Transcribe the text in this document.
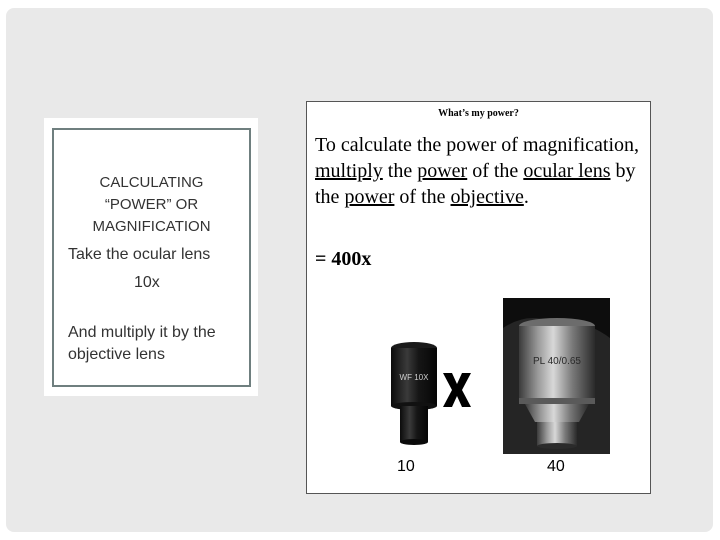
CALCULATING
“POWER” OR
MAGNIFICATION
Take the ocular lens
10x
And multiply it by the
objective lens
What’s my power?
To calculate the power of magnification, multiply the power of the ocular lens by the power of the objective.
= 400x
WF 10X
PL 40/0.65
10	40
